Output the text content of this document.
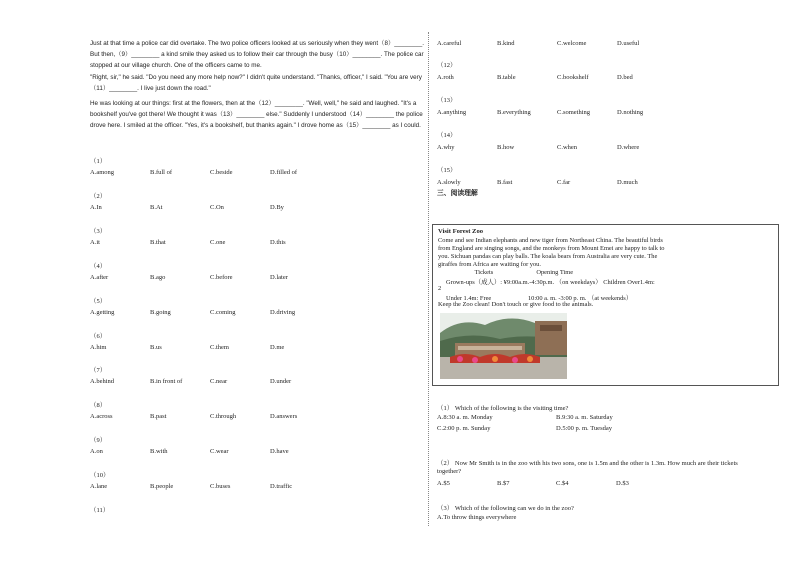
Just at that time a police car did overtake. The two police officers looked at us seriously when they went（8）________. But then,（9）________ a kind smile they asked us to follow their car through the busy（10）________. The police car stopped at our village church. One of the officers came to me.
"Right, sir," he said. "Do you need any more help now?" I didn't quite understand. "Thanks, officer," I said. "You are very（11）________. I live just down the road."
He was looking at our things: first at the flowers, then at the（12）________. "Well, well," he said and laughed. "It's a bookshelf you've got there! We thought it was（13）________ else." Suddenly I understood（14）________ the police drove here. I smiled at the officer. "Yes, it's a bookshelf, but thanks again." I drove home as（15）________ as I could.
（1）
A.among	B.full of	C.beside	D.filled of
（2）
A.In	B.At	C.On	D.By
（3）
A.it	B.that	C.one	D.this
（4）
A.after	B.ago	C.before	D.later
（5）
A.getting	B.going	C.coming	D.driving
（6）
A.him	B.us	C.them	D.me
（7）
A.behind	B.in front of	C.near	D.under
（8）
A.across	B.past	C.through	D.answers
（9）
A.on	B.with	C.wear	D.have
（10）
A.lane	B.people	C.buses	D.traffic
（11）
A.careful	B.kind	C.welcome	D.useful
（12）
A.roth	B.table	C.bookshelf	D.bed
（13）
A.anything	B.everything	C.something	D.nothing
（14）
A.why	B.how	C.when	D.where
（15）
A.slowly	B.fast	C.far	D.much
三、阅读理解
Visit Forest Zoo
Come and see Indian elephants and new tiger from Northeast China. The beautiful birds
from England are singing songs, and the monkeys from Mount Emei are happy to talk to
you. Sichuan pandas can play balls. The koala bears from Australia are very cute. The
giraffes from Africa are waiting for you.
Tickets                           Opening Time
Grown-ups（成人）: ¥9:00a.m.-4:30p.m. （on weekdays） Children Over1.4m:
2
Under 1.4m: Free                       10:00 a. m. -3:00 p. m. （at weekends）
Keep the Zoo clean! Don't touch or give food to the animals.
（1） Which of the following is the visiting time?
A.8:30 a. m. Monday	B.9:30 a. m. Saturday
C.2:00 p. m. Sunday	D.5:00 p. m. Tuesday
（2） Now Mr Smith is in the zoo with his two sons, one is 1.5m and the other is 1.3m. How much are their tickets
together?
A.$5	B.$7	C.$4	D.$3
（3） Which of the following can we do in the zoo?
A.To throw things everywhere
